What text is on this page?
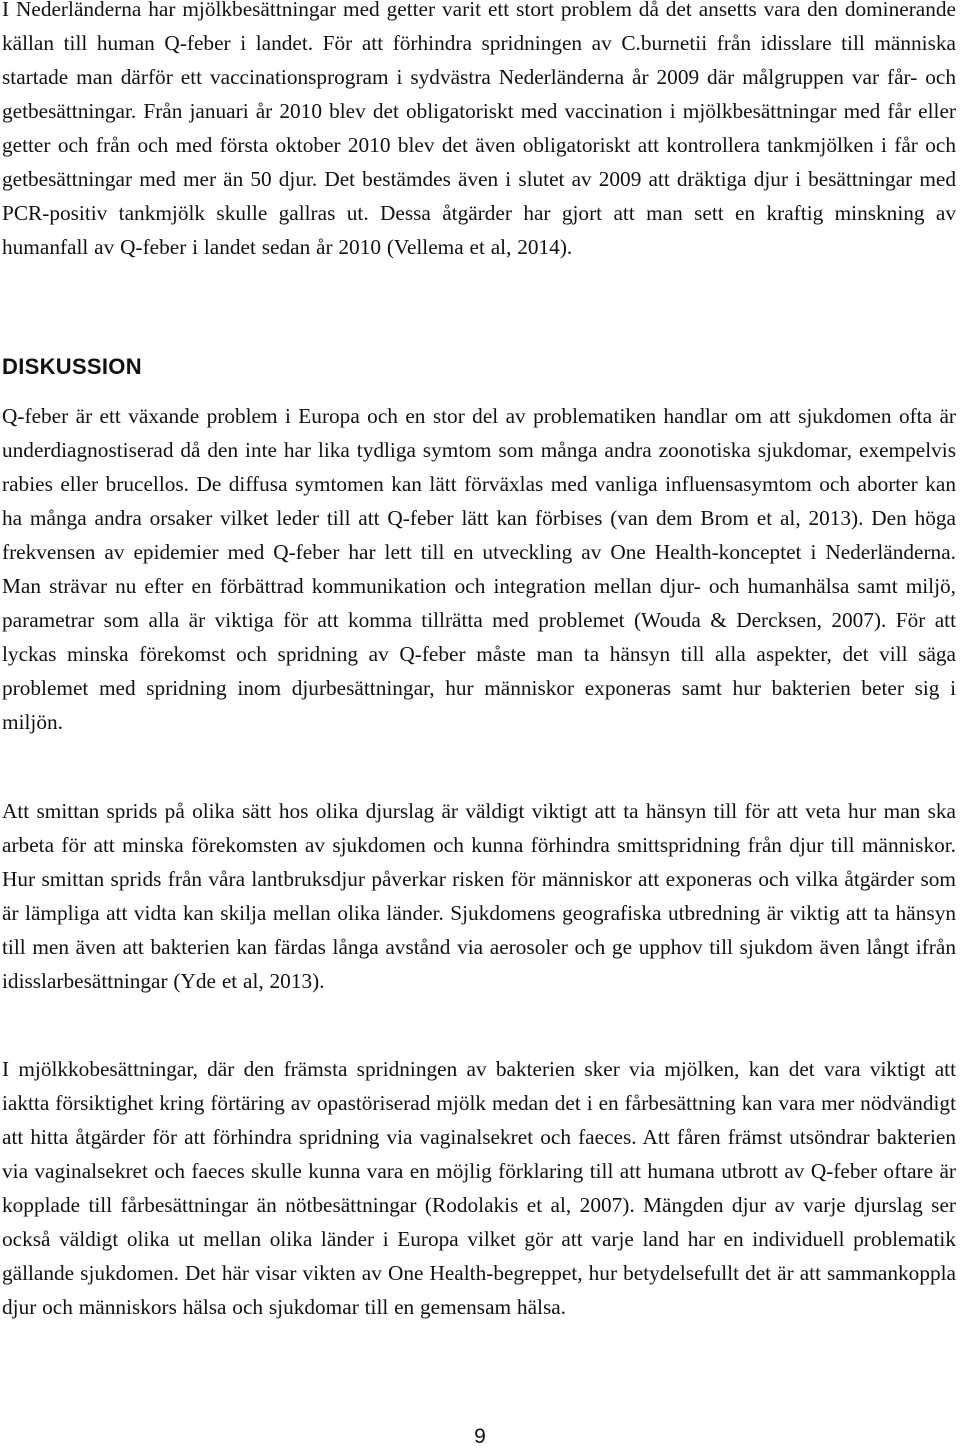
I Nederländerna har mjölkbesättningar med getter varit ett stort problem då det ansetts vara den dominerande källan till human Q-feber i landet. För att förhindra spridningen av C.burnetii från idisslare till människa startade man därför ett vaccinationsprogram i sydvästra Nederländerna år 2009 där målgruppen var får- och getbesättningar. Från januari år 2010 blev det obligatoriskt med vaccination i mjölkbesättningar med får eller getter och från och med första oktober 2010 blev det även obligatoriskt att kontrollera tankmjölken i får och getbesättningar med mer än 50 djur. Det bestämdes även i slutet av 2009 att dräktiga djur i besättningar med PCR-positiv tankmjölk skulle gallras ut. Dessa åtgärder har gjort att man sett en kraftig minskning av humanfall av Q-feber i landet sedan år 2010 (Vellema et al, 2014).

DISKUSSION

Q-feber är ett växande problem i Europa och en stor del av problematiken handlar om att sjukdomen ofta är underdiagnostiserad då den inte har lika tydliga symtom som många andra zoonotiska sjukdomar, exempelvis rabies eller brucellos. De diffusa symtomen kan lätt förväxlas med vanliga influensasymtom och aborter kan ha många andra orsaker vilket leder till att Q-feber lätt kan förbises (van dem Brom et al, 2013). Den höga frekvensen av epidemier med Q-feber har lett till en utveckling av One Health-konceptet i Nederländerna. Man strävar nu efter en förbättrad kommunikation och integration mellan djur- och humanhälsa samt miljö, parametrar som alla är viktiga för att komma tillrätta med problemet (Wouda & Dercksen, 2007). För att lyckas minska förekomst och spridning av Q-feber måste man ta hänsyn till alla aspekter, det vill säga problemet med spridning inom djurbesättningar, hur människor exponeras samt hur bakterien beter sig i miljön.

Att smittan sprids på olika sätt hos olika djurslag är väldigt viktigt att ta hänsyn till för att veta hur man ska arbeta för att minska förekomsten av sjukdomen och kunna förhindra smittspridning från djur till människor. Hur smittan sprids från våra lantbruksdjur påverkar risken för människor att exponeras och vilka åtgärder som är lämpliga att vidta kan skilja mellan olika länder. Sjukdomens geografiska utbredning är viktig att ta hänsyn till men även att bakterien kan färdas långa avstånd via aerosoler och ge upphov till sjukdom även långt ifrån idisslarbesättningar (Yde et al, 2013).

I mjölkkobesättningar, där den främsta spridningen av bakterien sker via mjölken, kan det vara viktigt att iaktta försiktighet kring förtäring av opastöriserad mjölk medan det i en fårbesättning kan vara mer nödvändigt att hitta åtgärder för att förhindra spridning via vaginalsekret och faeces. Att fåren främst utsöndrar bakterien via vaginalsekret och faeces skulle kunna vara en möjlig förklaring till att humana utbrott av Q-feber oftare är kopplade till fårbesättningar än nötbesättningar (Rodolakis et al, 2007). Mängden djur av varje djurslag ser också väldigt olika ut mellan olika länder i Europa vilket gör att varje land har en individuell problematik gällande sjukdomen. Det här visar vikten av One Health-begreppet, hur betydelsefullt det är att sammankoppla djur och människors hälsa och sjukdomar till en gemensam hälsa.

9
